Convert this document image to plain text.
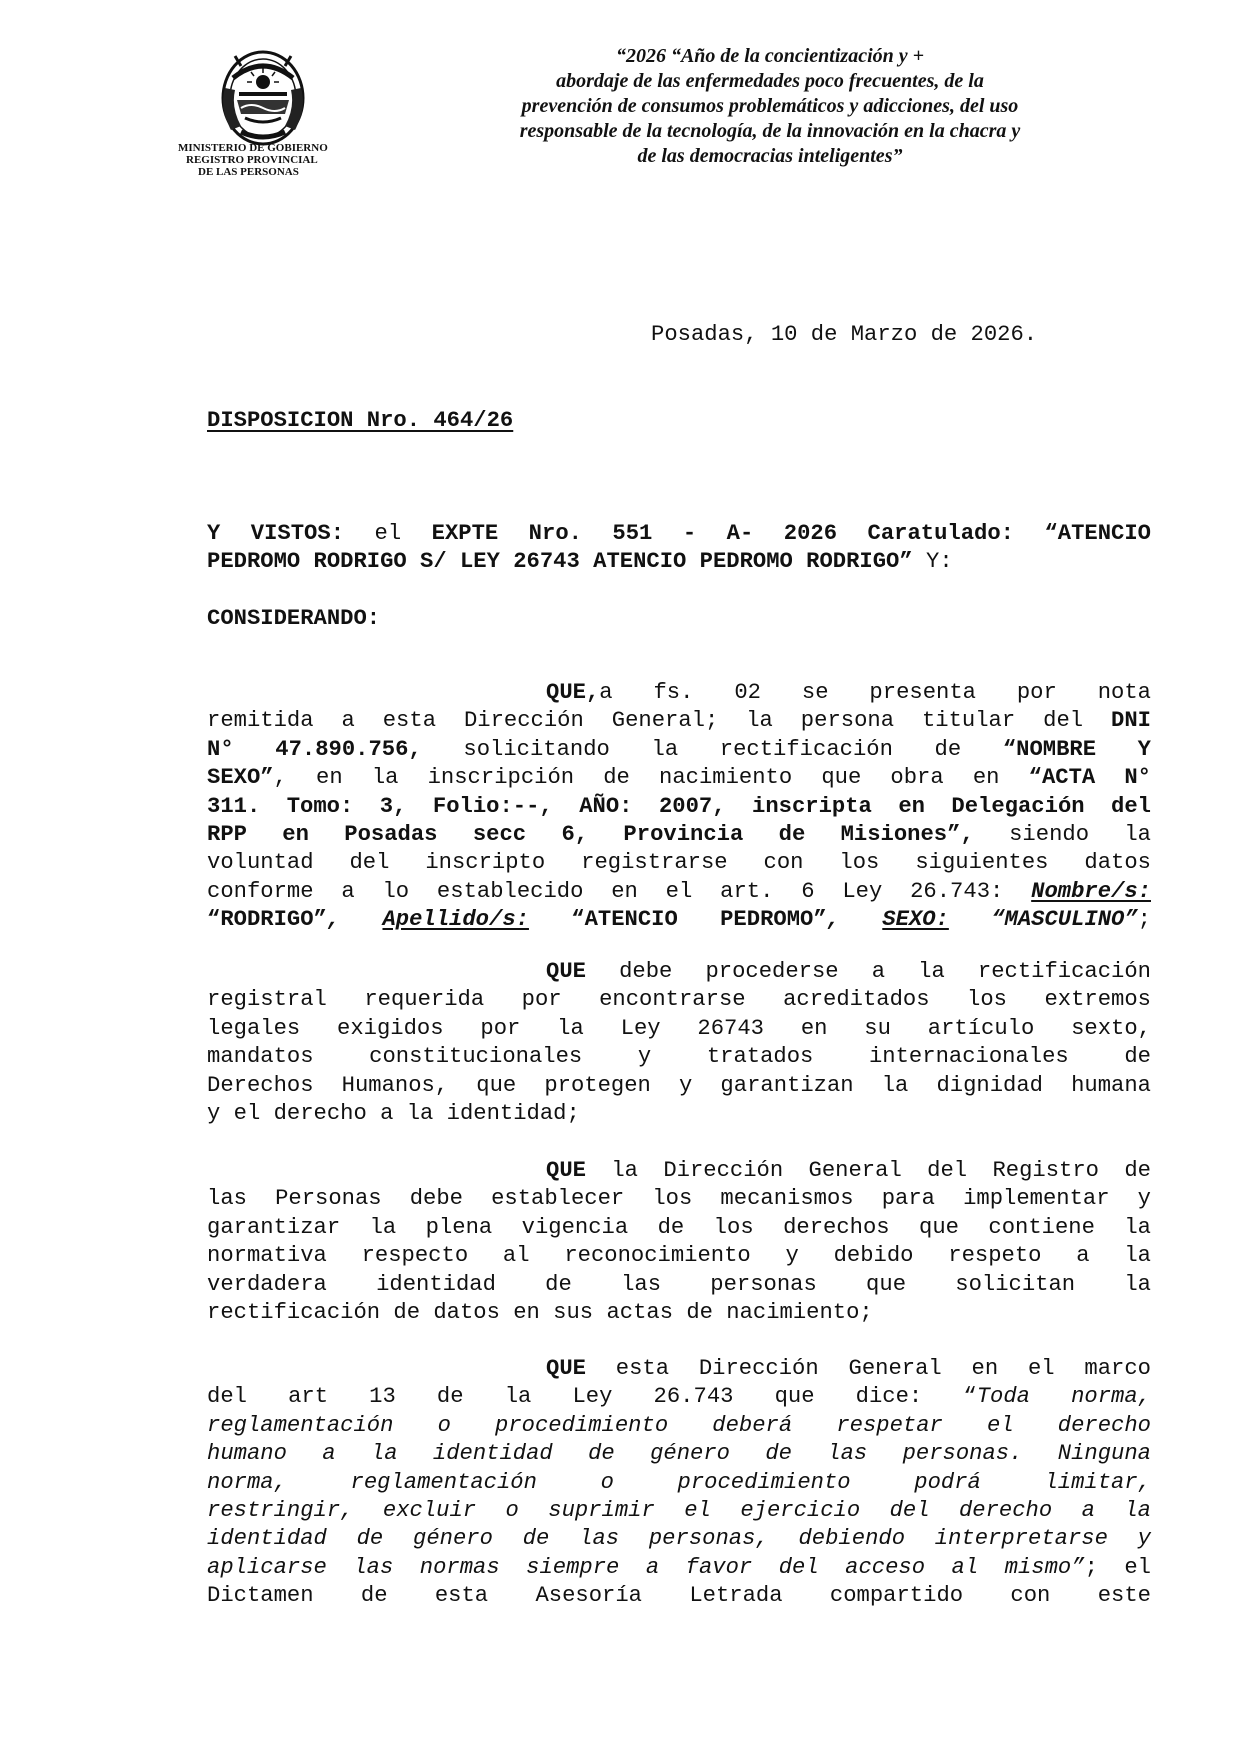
MINISTERIO DE GOBIERNO
REGISTRO PROVINCIAL
DE LAS PERSONAS
“2026 “Año de la concientización y +
abordaje de las enfermedades poco frecuentes, de la
prevención de consumos problemáticos y adicciones, del uso
responsable de la tecnología, de la innovación en la chacra y
de las democracias inteligentes”
Posadas, 10 de Marzo de 2026.
DISPOSICION Nro. 464/26
Y VISTOS: el EXPTE Nro. 551 - A- 2026 Caratulado: “ATENCIO
PEDROMO RODRIGO S/ LEY 26743 ATENCIO PEDROMO RODRIGO” Y:
CONSIDERANDO:
QUE,a fs. 02 se presenta por nota
remitida a esta Dirección General; la persona titular del DNI
N° 47.890.756, solicitando la rectificación de “NOMBRE Y
SEXO”, en la inscripción de nacimiento que obra en “ACTA N°
311. Tomo: 3, Folio:--, AÑO: 2007, inscripta en Delegación del
RPP en Posadas secc 6, Provincia de Misiones”, siendo la
voluntad del inscripto registrarse con los siguientes datos
conforme a lo establecido en el art. 6 Ley 26.743: Nombre/s:
“RODRIGO”, Apellido/s: “ATENCIO PEDROMO”, SEXO: “MASCULINO”;
QUE debe procederse a la rectificación
registral requerida por encontrarse acreditados los extremos
legales exigidos por la Ley 26743 en su artículo sexto,
mandatos constitucionales y tratados internacionales de
Derechos Humanos, que protegen y garantizan la dignidad humana
y el derecho a la identidad;
QUE la Dirección General del Registro de
las Personas debe establecer los mecanismos para implementar y
garantizar la plena vigencia de los derechos que contiene la
normativa respecto al reconocimiento y debido respeto a la
verdadera identidad de las personas que solicitan la
rectificación de datos en sus actas de nacimiento;
QUE esta Dirección General en el marco
del art 13 de la Ley 26.743 que dice: “Toda norma,
reglamentación o procedimiento deberá respetar el derecho
humano a la identidad de género de las personas. Ninguna
norma, reglamentación o procedimiento podrá limitar,
restringir, excluir o suprimir el ejercicio del derecho a la
identidad de género de las personas, debiendo interpretarse y
aplicarse las normas siempre a favor del acceso al mismo”; el
Dictamen de esta Asesoría Letrada compartido con este
